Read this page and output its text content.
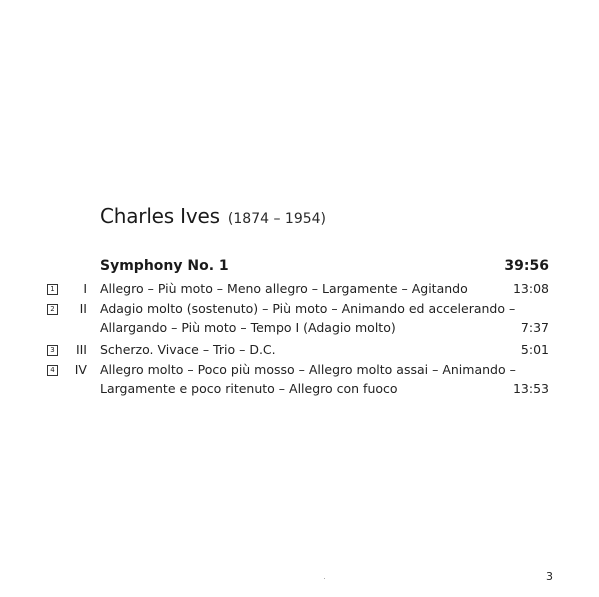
Charles Ives (1874 – 1954)
Symphony No. 1	39:56
1 I Allegro – Più moto – Meno allegro – Largamente – Agitando	13:08
2 II Adagio molto (sostenuto) – Più moto – Animando ed accelerando –
Allargando – Più moto – Tempo I (Adagio molto)	7:37
3 III Scherzo. Vivace – Trio – D.C.	5:01
4 IV Allegro molto – Poco più mosso – Allegro molto assai – Animando –
Largamente e poco ritenuto – Allegro con fuoco	13:53
3
